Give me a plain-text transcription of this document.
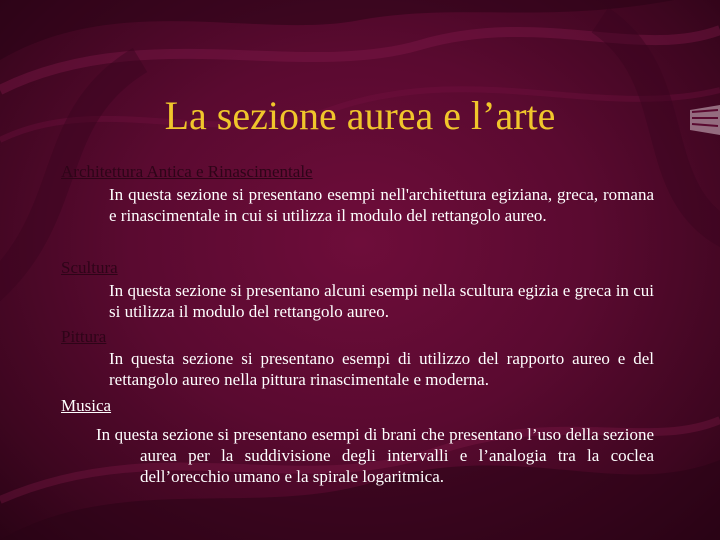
La sezione aurea e l’arte
Architettura Antica e Rinascimentale
In questa sezione si presentano esempi nell'architettura egiziana, greca, romana e rinascimentale in cui si utilizza il modulo del rettangolo aureo.
Scultura
In questa sezione si presentano alcuni esempi nella scultura egizia e greca in cui si utilizza il modulo del rettangolo aureo.
Pittura
In questa sezione si presentano esempi di utilizzo del rapporto aureo e del rettangolo aureo nella pittura rinascimentale e moderna.
Musica
In questa sezione si presentano esempi di brani che presentano l’uso della sezione aurea per la suddivisione degli intervalli e l’analogia tra la coclea dell’orecchio umano e la spirale logaritmica.
